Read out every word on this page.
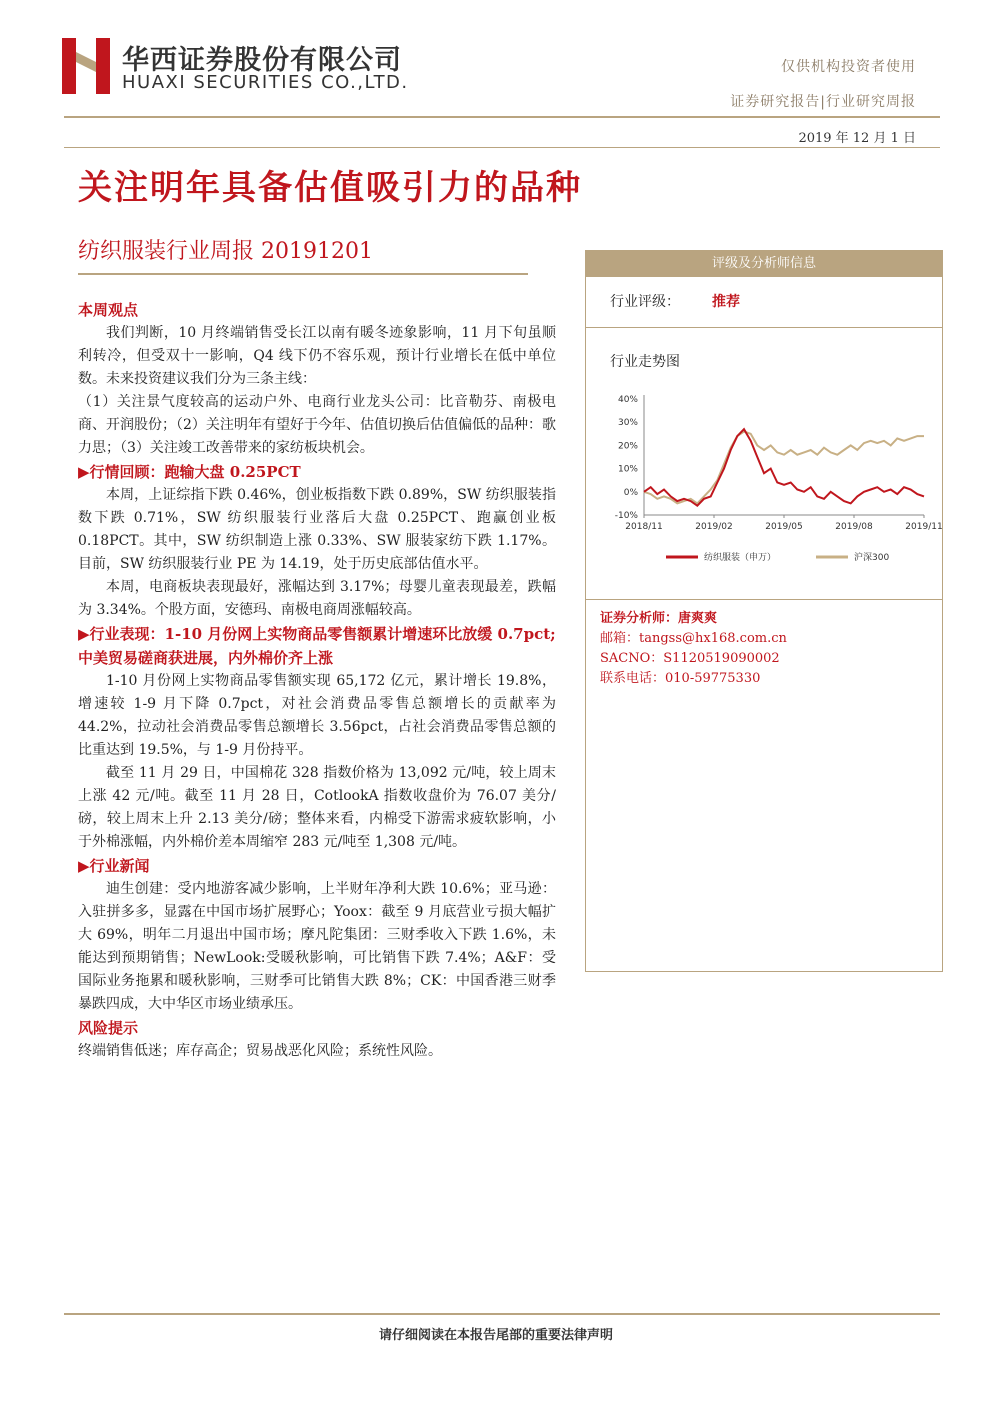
华西证券股份有限公司
HUAXI SECURITIES CO.,LTD.
仅供机构投资者使用
证券研究报告|行业研究周报
2019 年 12 月 1 日
关注明年具备估值吸引力的品种
纺织服装行业周报 20191201
本周观点

我们判断，10 月终端销售受长江以南有暖冬迹象影响，11 月下旬虽顺利转冷，但受双十一影响，Q4 线下仍不容乐观，预计行业增长在低中单位数。未来投资建议我们分为三条主线：

（1）关注景气度较高的运动户外、电商行业龙头公司：比音勒芬、南极电商、开润股份；（2）关注明年有望好于今年、估值切换后估值偏低的品种：歌力思；（3）关注竣工改善带来的家纺板块机会。

▶行情回顾：跑输大盘 0.25PCT

本周，上证综指下跌 0.46%，创业板指数下跌 0.89%，SW 纺织服装指数下跌 0.71%，SW 纺织服装行业落后大盘 0.25PCT、跑赢创业板 0.18PCT。其中，SW 纺织制造上涨 0.33%、SW 服装家纺下跌 1.17%。目前，SW 纺织服装行业 PE 为 14.19，处于历史底部估值水平。

本周，电商板块表现最好，涨幅达到 3.17%；母婴儿童表现最差，跌幅为 3.34%。个股方面，安德玛、南极电商周涨幅较高。

▶行业表现：1-10 月份网上实物商品零售额累计增速环比放缓 0.7pct;中美贸易磋商获进展，内外棉价齐上涨

1-10 月份网上实物商品零售额实现 65,172 亿元，累计增长 19.8%，增速较 1-9 月下降 0.7pct，对社会消费品零售总额增长的贡献率为 44.2%，拉动社会消费品零售总额增长 3.56pct，占社会消费品零售总额的比重达到 19.5%，与 1-9 月份持平。

截至 11 月 29 日，中国棉花 328 指数价格为 13,092 元/吨，较上周末上涨 42 元/吨。截至 11 月 28 日，CotlookA 指数收盘价为 76.07 美分/磅，较上周末上升 2.13 美分/磅；整体来看，内棉受下游需求疲软影响，小于外棉涨幅，内外棉价差本周缩窄 283 元/吨至 1,308 元/吨。

▶行业新闻

迪生创建：受内地游客减少影响，上半财年净利大跌 10.6%；亚马逊：入驻拼多多，显露在中国市场扩展野心；Yoox：截至 9 月底营业亏损大幅扩大 69%，明年二月退出中国市场；摩凡陀集团：三财季收入下跌 1.6%，未能达到预期销售；NewLook:受暖秋影响，可比销售下跌 7.4%；A&F：受国际业务拖累和暖秋影响，三财季可比销售大跌 8%；CK：中国香港三财季暴跌四成，大中华区市场业绩承压。

风险提示

终端销售低迷；库存高企；贸易战恶化风险；系统性风险。

评级及分析师信息
行业评级： 推荐
行业走势图
40%
30%
20%
10%
0%
-10%
2018/11	2019/02	2019/05	2019/08	2019/11
纺织服装（申万）	沪深300
证券分析师：唐爽爽
邮箱：tangss@hx168.com.cn
SACNO：S1120519090002
联系电话：010-59775330
请仔细阅读在本报告尾部的重要法律声明
